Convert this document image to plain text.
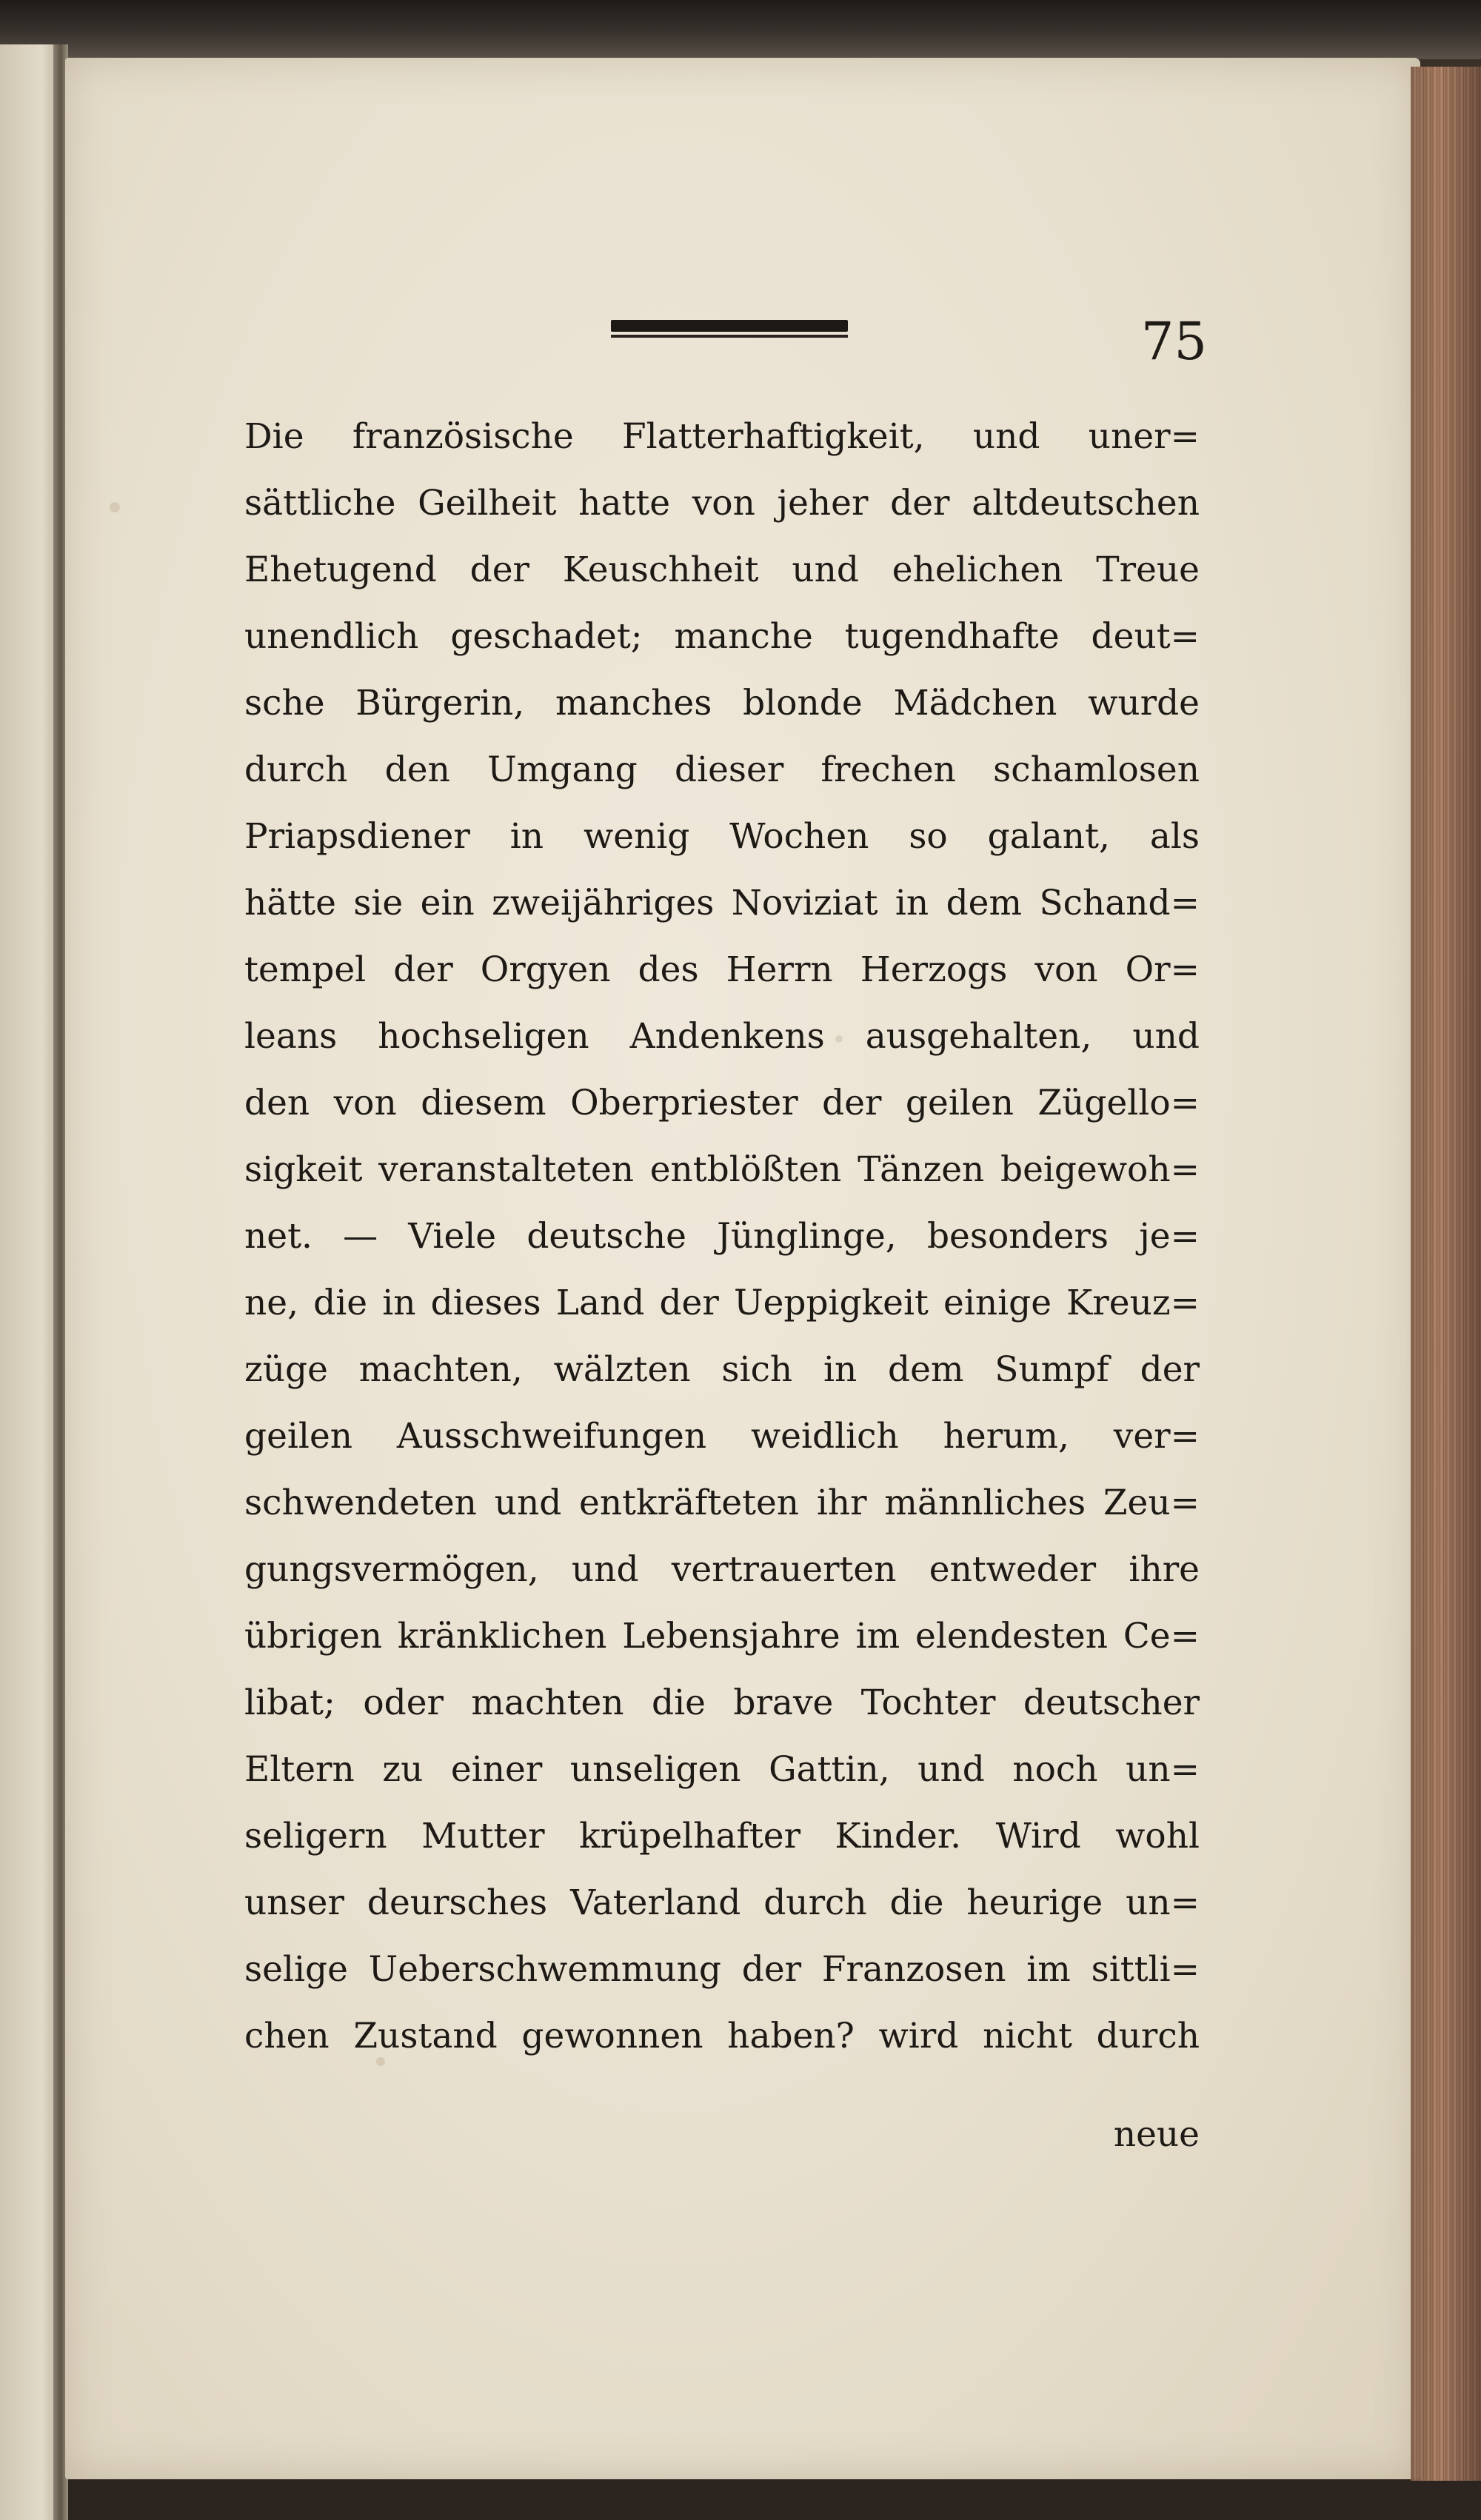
75
Die französische Flatterhaftigkeit, und uner=
sättliche Geilheit hatte von jeher der altdeutschen
Ehetugend der Keuschheit und ehelichen Treue
unendlich geschadet; manche tugendhafte deut=
sche Bürgerin, manches blonde Mädchen wurde
durch den Umgang dieser frechen schamlosen
Priapsdiener in wenig Wochen so galant, als
hätte sie ein zweijähriges Noviziat in dem Schand=
tempel der Orgyen des Herrn Herzogs von Or=
leans hochseligen Andenkens ausgehalten, und
den von diesem Oberpriester der geilen Zügello=
sigkeit veranstalteten entblößten Tänzen beigewoh=
net. — Viele deutsche Jünglinge, besonders je=
ne, die in dieses Land der Ueppigkeit einige Kreuz=
züge machten, wälzten sich in dem Sumpf der
geilen Ausschweifungen weidlich herum, ver=
schwendeten und entkräfteten ihr männliches Zeu=
gungsvermögen, und vertrauerten entweder ihre
übrigen kränklichen Lebensjahre im elendesten Ce=
libat; oder machten die brave Tochter deutscher
Eltern zu einer unseligen Gattin, und noch un=
seligern Mutter krüpelhafter Kinder. Wird wohl
unser deursches Vaterland durch die heurige un=
selige Ueberschwemmung der Franzosen im sittli=
chen Zustand gewonnen haben? wird nicht durch
neue
